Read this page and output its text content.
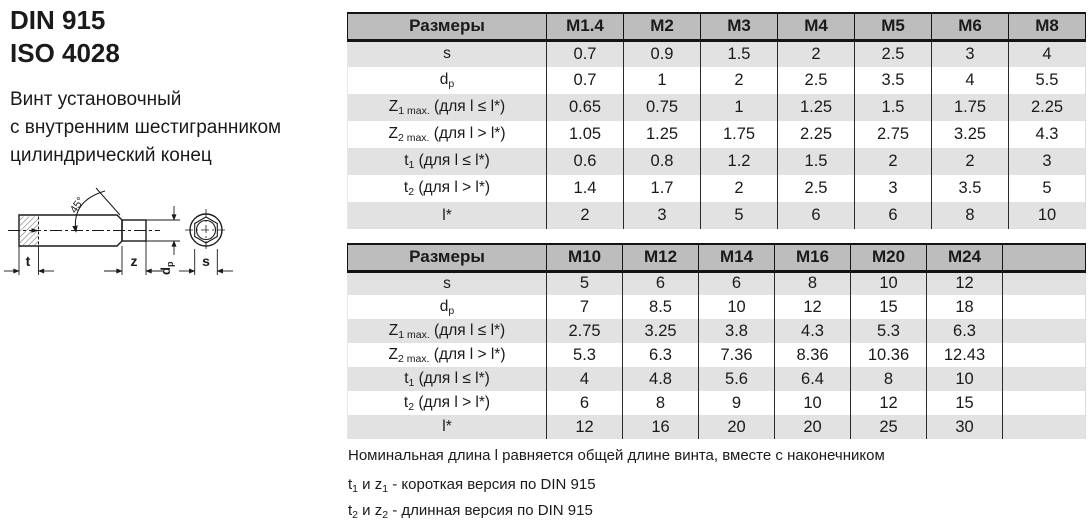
DIN 915
ISO 4028
Винт установочный
с внутренним шестигранником
цилиндрический конец
45°
$d_p$
t	z	s
Размеры	M1.4	M2	M3	M4	M5	M6	M8
s	0.7	0.9	1.5	2	2.5	3	4
$d_p$	0.7	1	2	2.5	3.5	4	5.5
$Z_{1 max.}$ (для l ≤ l*)	0.65	0.75	1	1.25	1.5	1.75	2.25
$Z_{2 max.}$ (для l > l*)	1.05	1.25	1.75	2.25	2.75	3.25	4.3
$t_1$ (для l ≤ l*)	0.6	0.8	1.2	1.5	2	2	3
$t_2$ (для l > l*)	1.4	1.7	2	2.5	3	3.5	5
l*	2	3	5	6	6	8	10
Размеры	M10	M12	M14	M16	M20	M24	
s	5	6	6	8	10	12	
$d_p$	7	8.5	10	12	15	18	
$Z_{1 max.}$ (для l ≤ l*)	2.75	3.25	3.8	4.3	5.3	6.3	
$Z_{2 max.}$ (для l > l*)	5.3	6.3	7.36	8.36	10.36	12.43	
$t_1$ (для l ≤ l*)	4	4.8	5.6	6.4	8	10	
$t_2$ (для l > l*)	6	8	9	10	12	15	
l*	12	16	20	20	25	30	
Номинальная длина l равняется общей длине винта, вместе с наконечником
$t_1$ и $z_1$ - короткая версия по DIN 915
$t_2$ и $z_2$ - длинная версия по DIN 915
